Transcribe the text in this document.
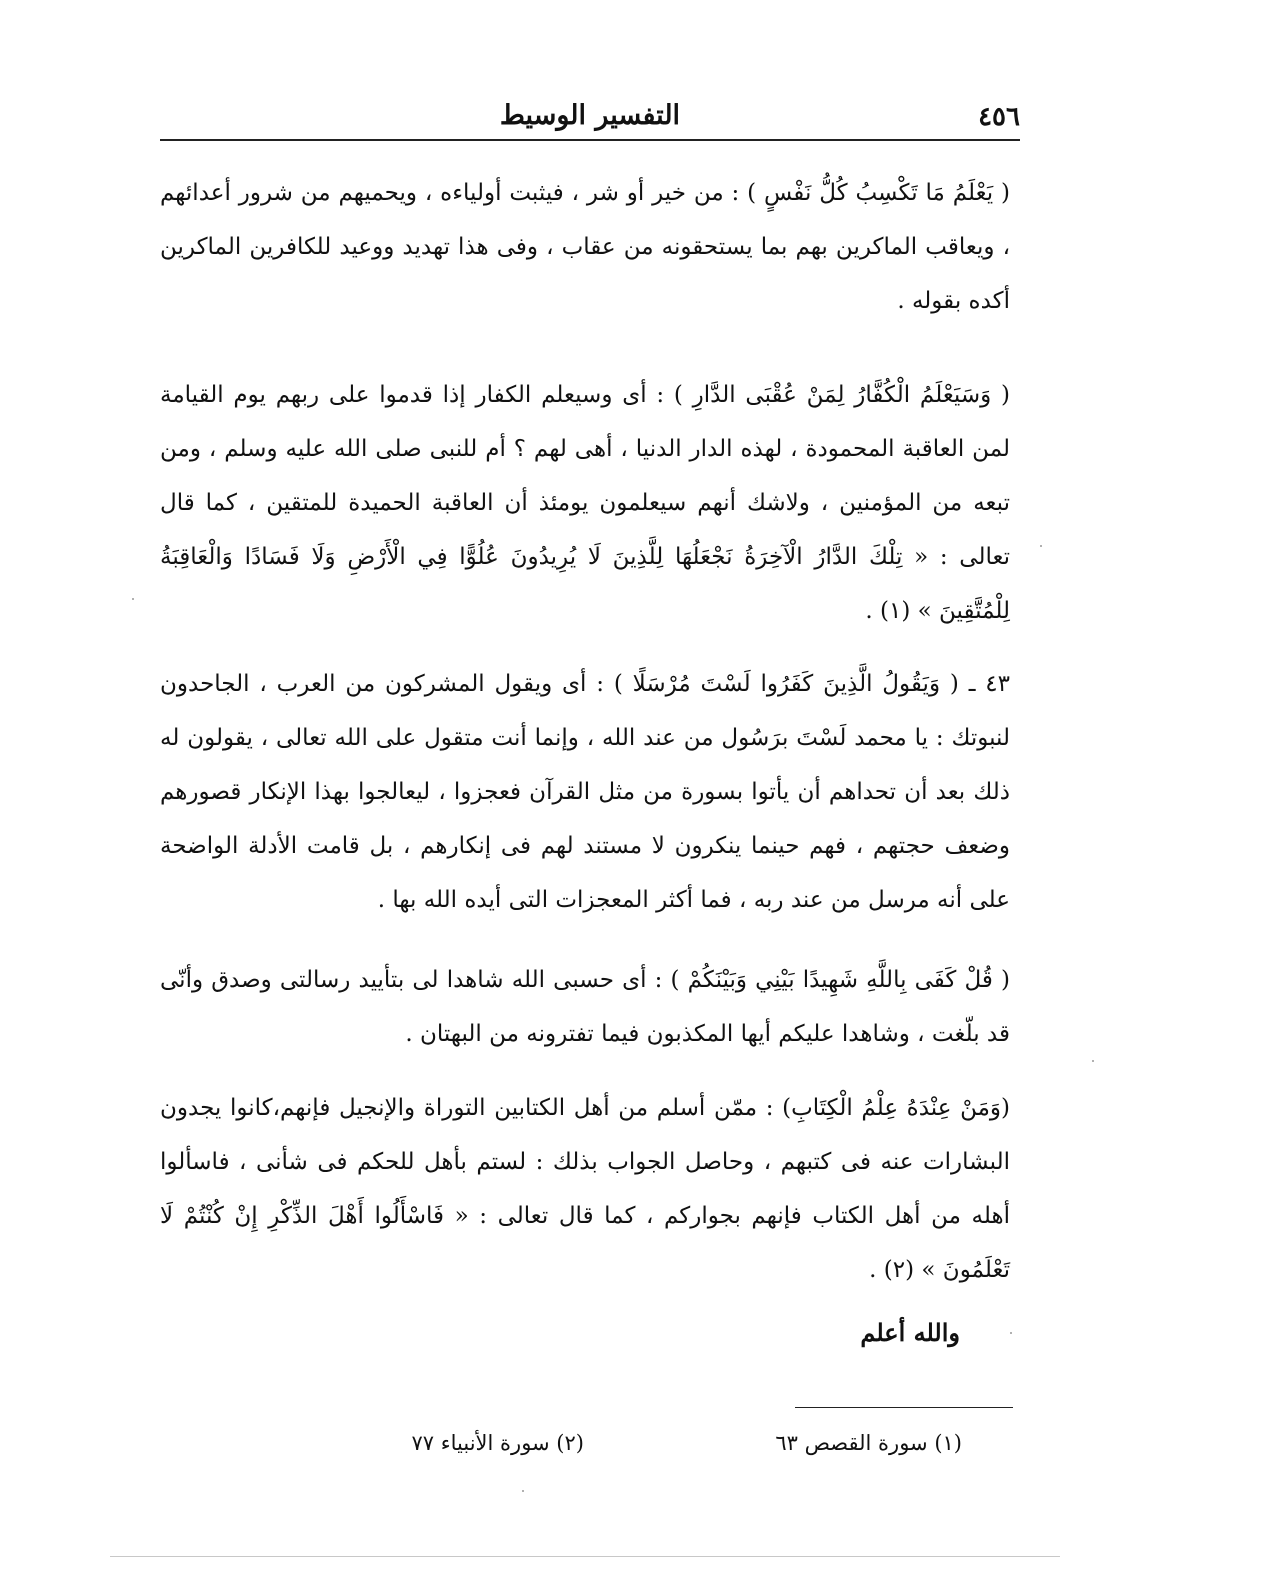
٤٥٦
التفسير الوسيط

( يَعْلَمُ مَا تَكْسِبُ كُلُّ نَفْسٍ ) : من خير أو شر ، فيثبت أولياءه ، ويحميهم من شرور أعدائهم ، ويعاقب الماكرين بهم بما يستحقونه من عقاب ، وفى هذا تهديد ووعيد للكافرين الماكرين أكده بقوله .

( وَسَيَعْلَمُ الْكُفَّارُ لِمَنْ عُقْبَى الدَّارِ ) : أى وسيعلم الكفار إذا قدموا على ربهم يوم القيامة لمن العاقبة المحمودة ، لهذه الدار الدنيا ، أهى لهم ؟ أم للنبى صلى الله عليه وسلم ، ومن تبعه من المؤمنين ، ولاشك أنهم سيعلمون يومئذ أن العاقبة الحميدة للمتقين ، كما قال تعالى : « تِلْكَ الدَّارُ الْآخِرَةُ نَجْعَلُهَا لِلَّذِينَ لَا يُرِيدُونَ عُلُوًّا فِي الْأَرْضِ وَلَا فَسَادًا وَالْعَاقِبَةُ لِلْمُتَّقِينَ » (١) .

٤٣ ـ ( وَيَقُولُ الَّذِينَ كَفَرُوا لَسْتَ مُرْسَلًا ) : أى ويقول المشركون من العرب ، الجاحدون لنبوتك : يا محمد لَسْتَ برَسُول من عند الله ، وإنما أنت متقول على الله تعالى ، يقولون له ذلك بعد أن تحداهم أن يأتوا بسورة من مثل القرآن فعجزوا ، ليعالجوا بهذا الإنكار قصورهم وضعف حجتهم ، فهم حينما ينكرون لا مستند لهم فى إنكارهم ، بل قامت الأدلة الواضحة على أنه مرسل من عند ربه ، فما أكثر المعجزات التى أيده الله بها .

( قُلْ كَفَى بِاللَّهِ شَهِيدًا بَيْنِي وَبَيْنَكُمْ ) : أى حسبى الله شاهدا لى بتأييد رسالتى وصدق وأنّى قد بلّغت ، وشاهدا عليكم أيها المكذبون فيما تفترونه من البهتان .

(وَمَنْ عِنْدَهُ عِلْمُ الْكِتَابِ) : ممّن أسلم من أهل الكتابين التوراة والإنجيل فإنهم،كانوا يجدون البشارات عنه فى كتبهم ، وحاصل الجواب بذلك : لستم بأهل للحكم فى شأنى ، فاسألوا أهله من أهل الكتاب فإنهم بجواركم ، كما قال تعالى : « فَاسْأَلُوا أَهْلَ الذِّكْرِ إِنْ كُنْتُمْ لَا تَعْلَمُونَ » (٢) .

والله أعلم
(١) سورة القصص ٦٣
(٢) سورة الأنبياء ٧٧
